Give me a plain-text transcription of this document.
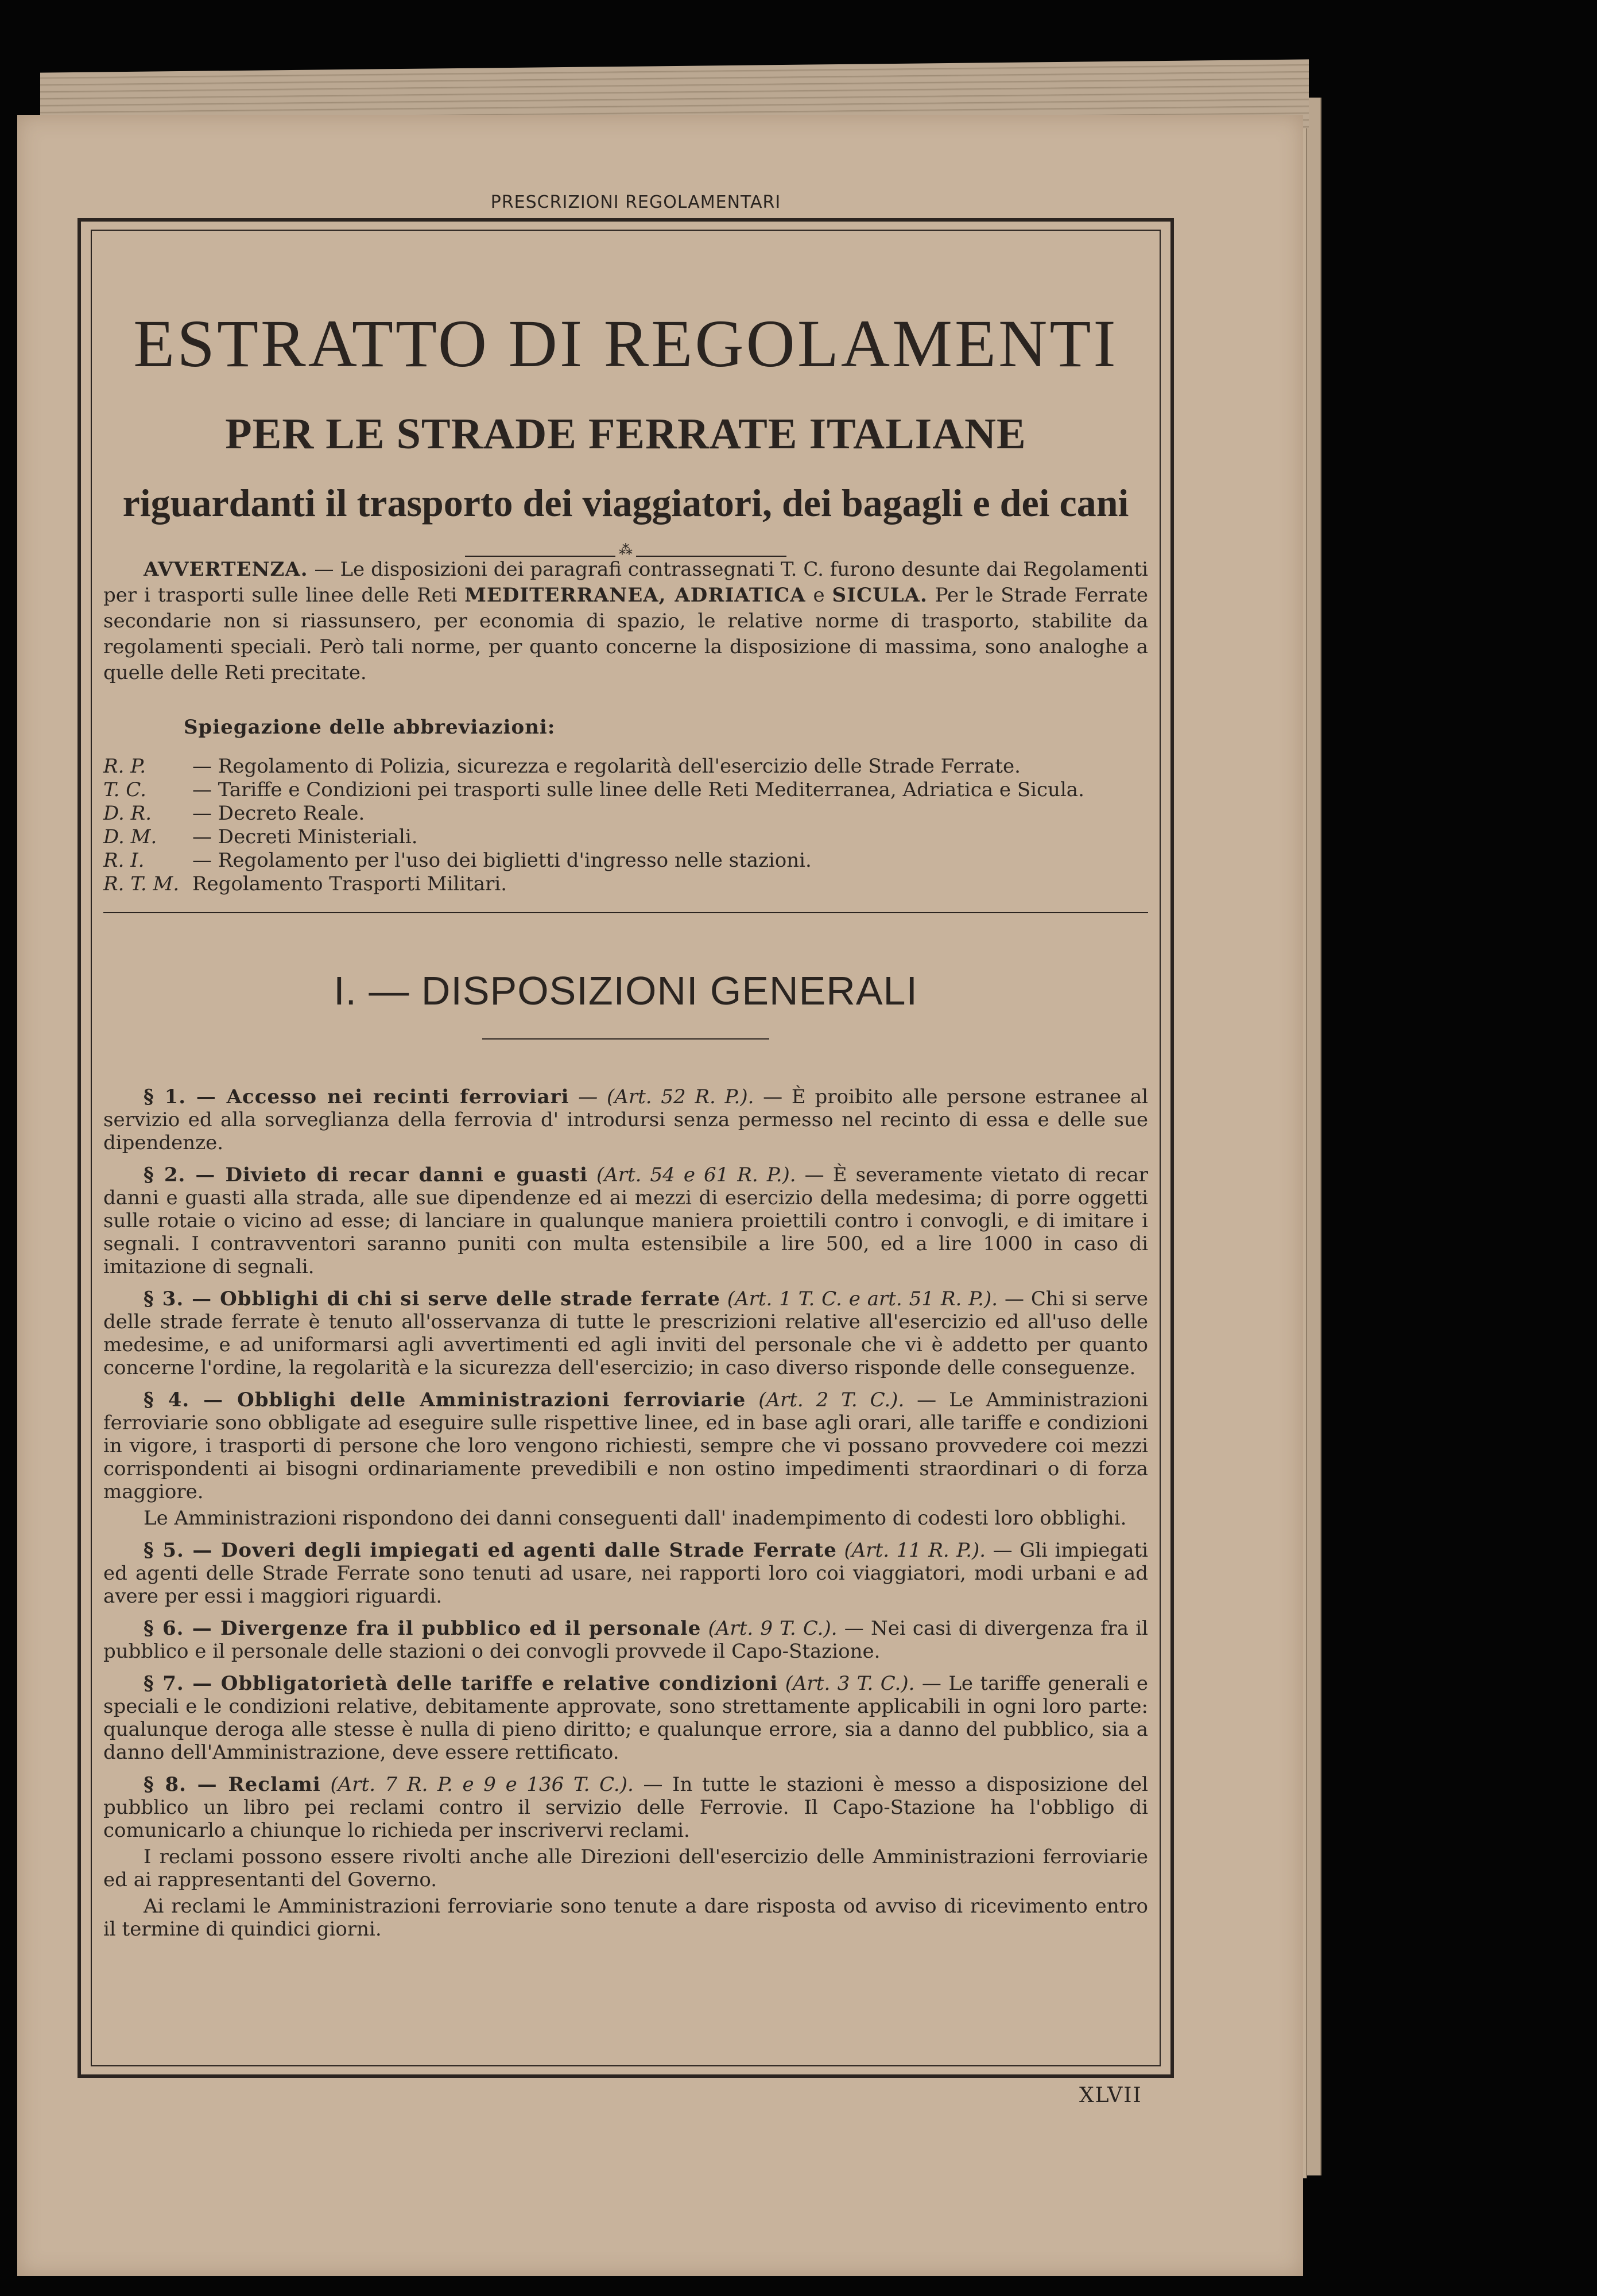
PRESCRIZIONI REGOLAMENTARI
ESTRATTO DI REGOLAMENTI
PER LE STRADE FERRATE ITALIANE
riguardanti il trasporto dei viaggiatori, dei bagagli e dei cani
⁂

AVVERTENZA. — Le disposizioni dei paragrafi contrassegnati T. C. furono desunte dai Regolamenti per i trasporti sulle linee delle Reti MEDITERRANEA, ADRIATICA e SICULA. Per le Strade Ferrate secondarie non si riassunsero, per economia di spazio, le relative norme di trasporto, stabilite da regolamenti speciali. Però tali norme, per quanto concerne la disposizione di massima, sono analoghe a quelle delle Reti precitate.

Spiegazione delle abbreviazioni:
R. P. — Regolamento di Polizia, sicurezza e regolarità dell'esercizio delle Strade Ferrate.
T. C. — Tariffe e Condizioni pei trasporti sulle linee delle Reti Mediterranea, Adriatica e Sicula.
D. R. — Decreto Reale.
D. M. — Decreti Ministeriali.
R. I. — Regolamento per l'uso dei biglietti d'ingresso nelle stazioni.
R. T. M. Regolamento Trasporti Militari.
I. — DISPOSIZIONI GENERALI
§ 1. — Accesso nei recinti ferroviari — (Art. 52 R. P.). — È proibito alle persone estranee al servizio ed alla sorveglianza della ferrovia d' introdursi senza permesso nel recinto di essa e delle sue dipendenze.
§ 2. — Divieto di recar danni e guasti (Art. 54 e 61 R. P.). — È severamente vietato di recar danni e guasti alla strada, alle sue dipendenze ed ai mezzi di esercizio della medesima; di porre oggetti sulle rotaie o vicino ad esse; di lanciare in qualunque maniera proiettili contro i convogli, e di imitare i segnali. I contravventori saranno puniti con multa estensibile a lire 500, ed a lire 1000 in caso di imitazione di segnali.
§ 3. — Obblighi di chi si serve delle strade ferrate (Art. 1 T. C. e art. 51 R. P.). — Chi si serve delle strade ferrate è tenuto all'osservanza di tutte le prescrizioni relative all'esercizio ed all'uso delle medesime, e ad uniformarsi agli avvertimenti ed agli inviti del personale che vi è addetto per quanto concerne l'ordine, la regolarità e la sicurezza dell'esercizio; in caso diverso risponde delle conseguenze.
§ 4. — Obblighi delle Amministrazioni ferroviarie (Art. 2 T. C.). — Le Amministrazioni ferroviarie sono obbligate ad eseguire sulle rispettive linee, ed in base agli orari, alle tariffe e condizioni in vigore, i trasporti di persone che loro vengono richiesti, sempre che vi possano provvedere coi mezzi corrispondenti ai bisogni ordinariamente prevedibili e non ostino impedimenti straordinari o di forza maggiore.
Le Amministrazioni rispondono dei danni conseguenti dall' inadempimento di codesti loro obblighi.
§ 5. — Doveri degli impiegati ed agenti dalle Strade Ferrate (Art. 11 R. P.). — Gli impiegati ed agenti delle Strade Ferrate sono tenuti ad usare, nei rapporti loro coi viaggiatori, modi urbani e ad avere per essi i maggiori riguardi.
§ 6. — Divergenze fra il pubblico ed il personale (Art. 9 T. C.). — Nei casi di divergenza fra il pubblico e il personale delle stazioni o dei convogli provvede il Capo-Stazione.
§ 7. — Obbligatorietà delle tariffe e relative condizioni (Art. 3 T. C.). — Le tariffe generali e speciali e le condizioni relative, debitamente approvate, sono strettamente applicabili in ogni loro parte: qualunque deroga alle stesse è nulla di pieno diritto; e qualunque errore, sia a danno del pubblico, sia a danno dell'Amministrazione, deve essere rettificato.
§ 8. — Reclami (Art. 7 R. P. e 9 e 136 T. C.). — In tutte le stazioni è messo a disposizione del pubblico un libro pei reclami contro il servizio delle Ferrovie. Il Capo-Stazione ha l'obbligo di comunicarlo a chiunque lo richieda per inscrivervi reclami.
I reclami possono essere rivolti anche alle Direzioni dell'esercizio delle Amministrazioni ferroviarie ed ai rappresentanti del Governo.
Ai reclami le Amministrazioni ferroviarie sono tenute a dare risposta od avviso di ricevimento entro il termine di quindici giorni.
XLVII
